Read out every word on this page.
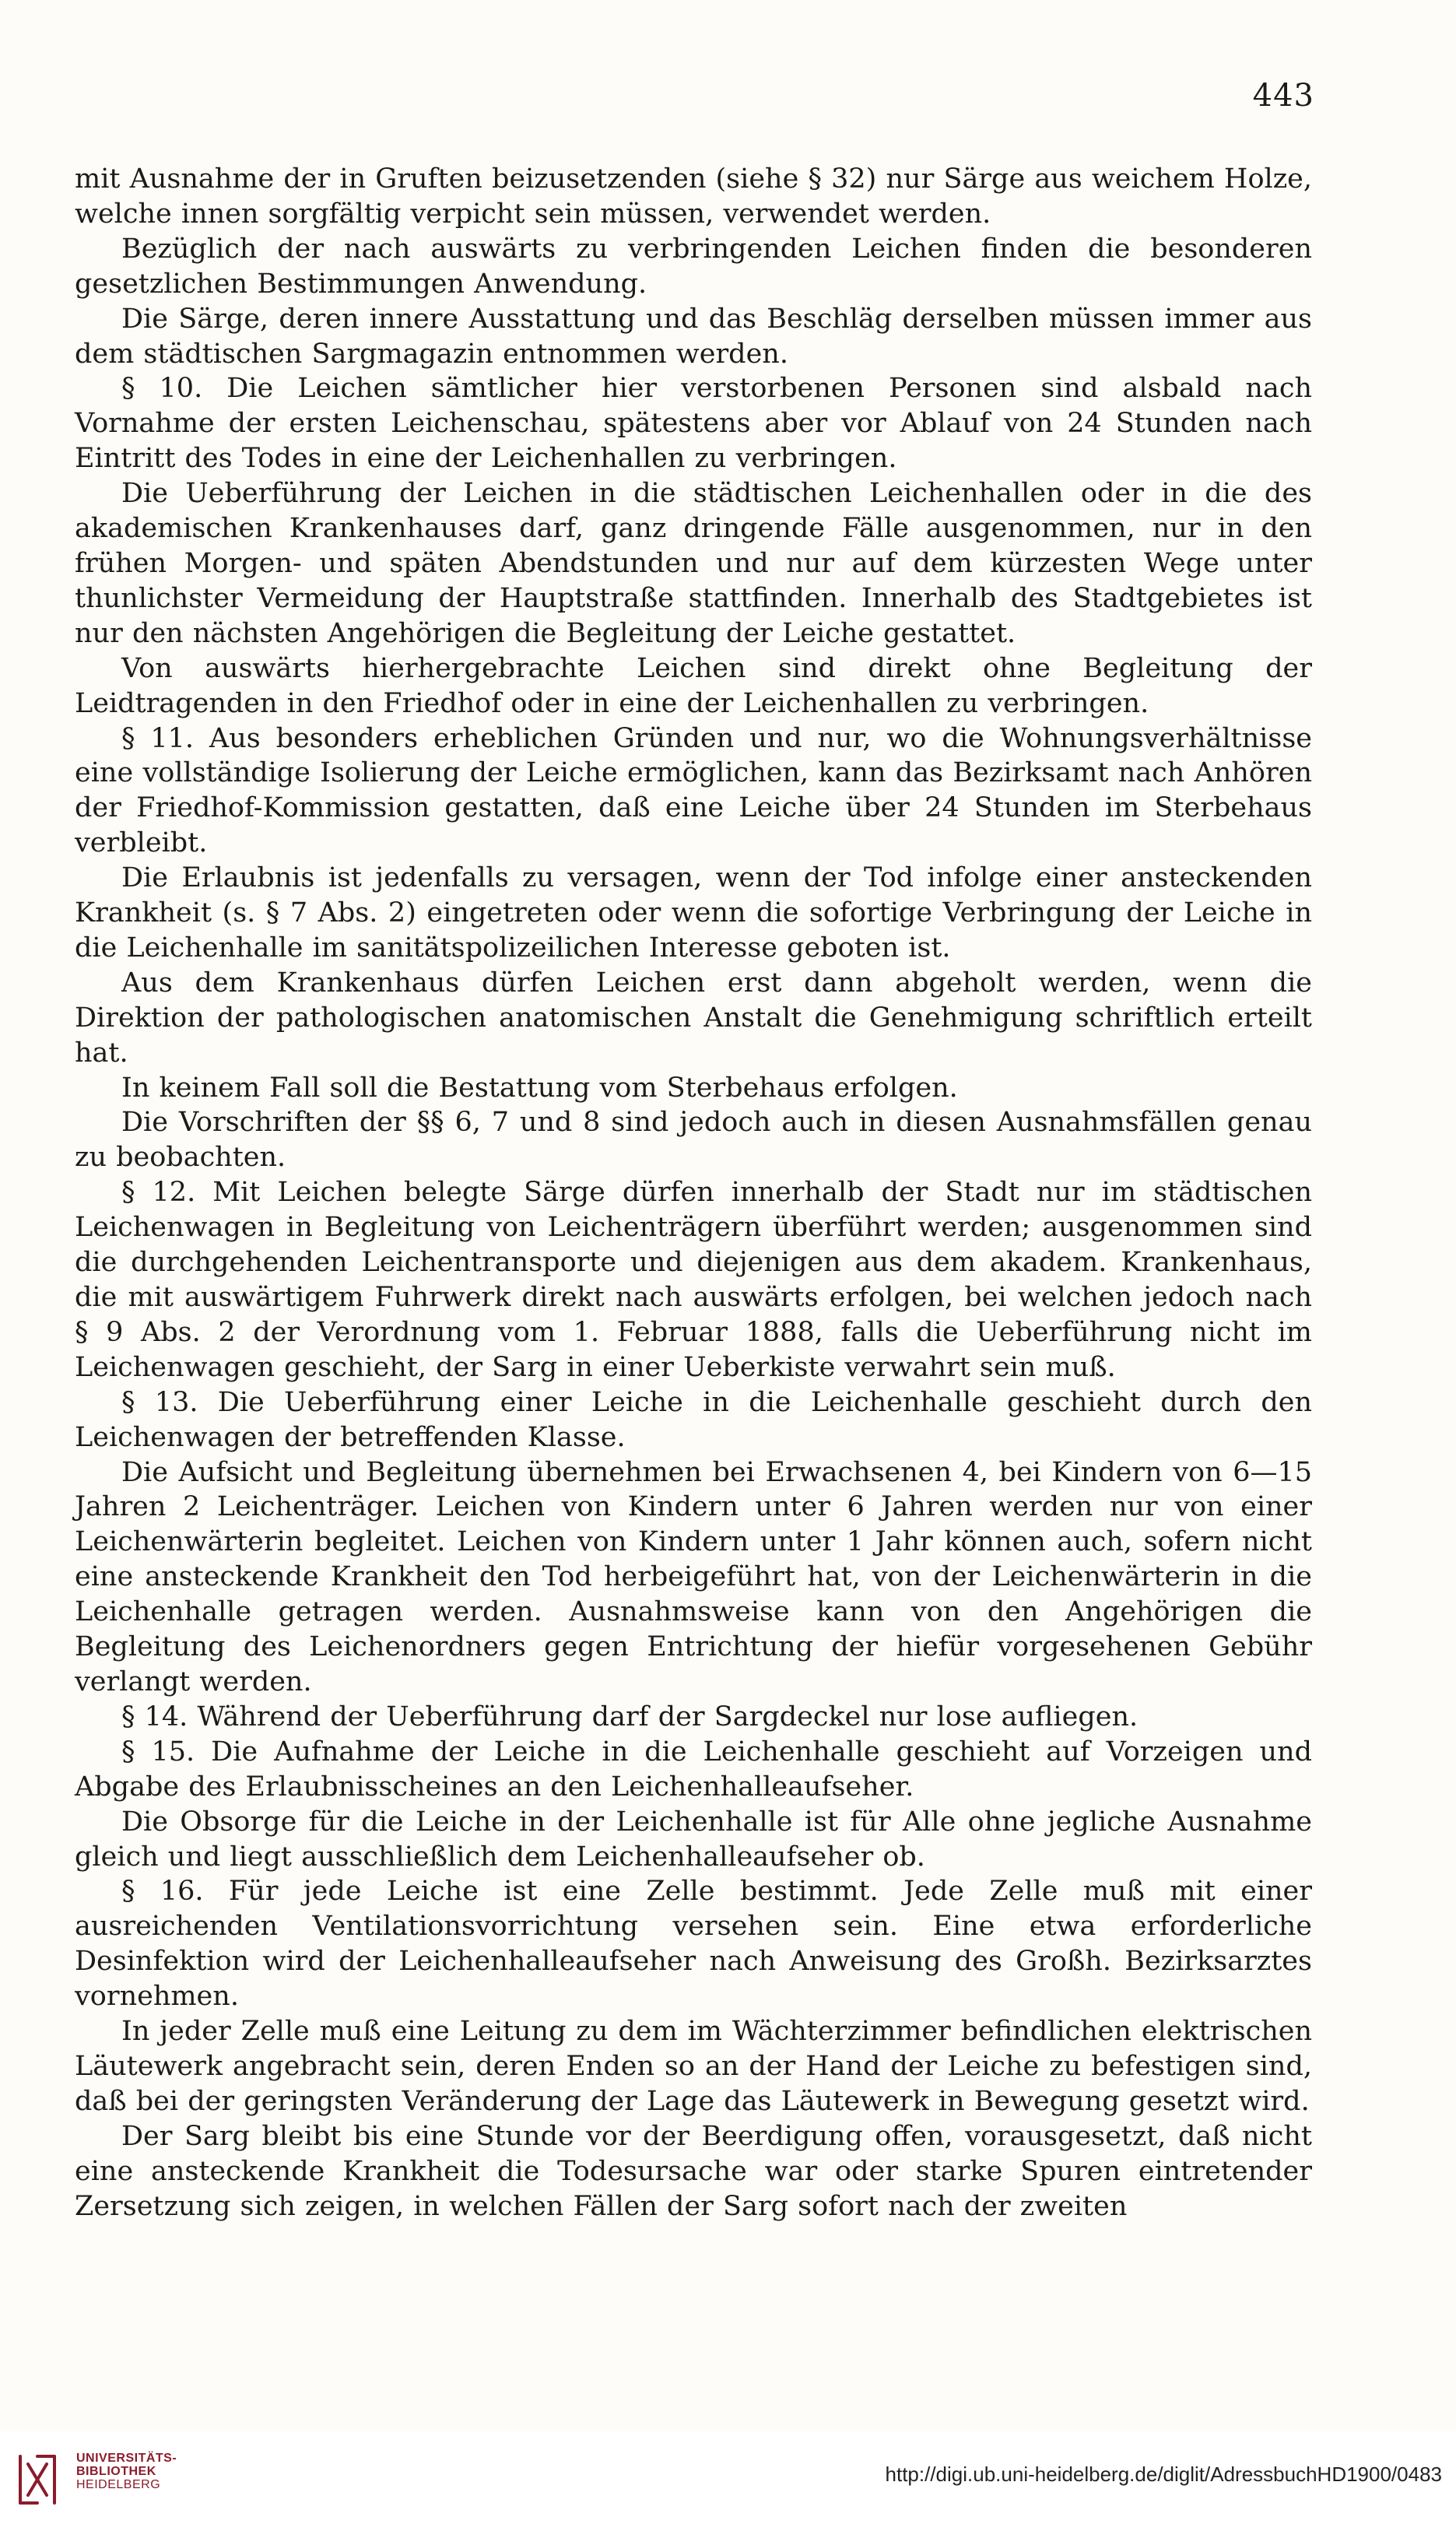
443

mit Ausnahme der in Gruften beizusetzenden (siehe § 32) nur Särge aus weichem Holze, welche innen sorgfältig verpicht sein müssen, verwendet werden.

Bezüglich der nach auswärts zu verbringenden Leichen finden die besonderen gesetzlichen Bestimmungen Anwendung.

Die Särge, deren innere Ausstattung und das Beschläg derselben müssen immer aus dem städtischen Sargmagazin entnommen werden.

§ 10. Die Leichen sämtlicher hier verstorbenen Personen sind alsbald nach Vornahme der ersten Leichenschau, spätestens aber vor Ablauf von 24 Stunden nach Eintritt des Todes in eine der Leichenhallen zu verbringen.

Die Ueberführung der Leichen in die städtischen Leichenhallen oder in die des akademischen Krankenhauses darf, ganz dringende Fälle ausgenommen, nur in den frühen Morgen- und späten Abendstunden und nur auf dem kürzesten Wege unter thunlichster Vermeidung der Hauptstraße stattfinden. Innerhalb des Stadtgebietes ist nur den nächsten Angehörigen die Begleitung der Leiche gestattet.

Von auswärts hierhergebrachte Leichen sind direkt ohne Begleitung der Leidtragenden in den Friedhof oder in eine der Leichenhallen zu verbringen.

§ 11. Aus besonders erheblichen Gründen und nur, wo die Wohnungsverhältnisse eine vollständige Isolierung der Leiche ermöglichen, kann das Bezirksamt nach Anhören der Friedhof-Kommission gestatten, daß eine Leiche über 24 Stunden im Sterbehaus verbleibt.

Die Erlaubnis ist jedenfalls zu versagen, wenn der Tod infolge einer ansteckenden Krankheit (s. § 7 Abs. 2) eingetreten oder wenn die sofortige Verbringung der Leiche in die Leichenhalle im sanitätspolizeilichen Interesse geboten ist.

Aus dem Krankenhaus dürfen Leichen erst dann abgeholt werden, wenn die Direktion der pathologischen anatomischen Anstalt die Genehmigung schriftlich erteilt hat.

In keinem Fall soll die Bestattung vom Sterbehaus erfolgen.

Die Vorschriften der §§ 6, 7 und 8 sind jedoch auch in diesen Ausnahmsfällen genau zu beobachten.

§ 12. Mit Leichen belegte Särge dürfen innerhalb der Stadt nur im städtischen Leichenwagen in Begleitung von Leichenträgern überführt werden; ausgenommen sind die durchgehenden Leichentransporte und diejenigen aus dem akadem. Krankenhaus, die mit auswärtigem Fuhrwerk direkt nach auswärts erfolgen, bei welchen jedoch nach § 9 Abs. 2 der Verordnung vom 1. Februar 1888, falls die Ueberführung nicht im Leichenwagen geschieht, der Sarg in einer Ueberkiste verwahrt sein muß.

§ 13. Die Ueberführung einer Leiche in die Leichenhalle geschieht durch den Leichenwagen der betreffenden Klasse.

Die Aufsicht und Begleitung übernehmen bei Erwachsenen 4, bei Kindern von 6—15 Jahren 2 Leichenträger. Leichen von Kindern unter 6 Jahren werden nur von einer Leichenwärterin begleitet. Leichen von Kindern unter 1 Jahr können auch, sofern nicht eine ansteckende Krankheit den Tod herbeigeführt hat, von der Leichenwärterin in die Leichenhalle getragen werden. Ausnahmsweise kann von den Angehörigen die Begleitung des Leichenordners gegen Entrichtung der hiefür vorgesehenen Gebühr verlangt werden.

§ 14. Während der Ueberführung darf der Sargdeckel nur lose aufliegen.

§ 15. Die Aufnahme der Leiche in die Leichenhalle geschieht auf Vorzeigen und Abgabe des Erlaubnisscheines an den Leichenhalleaufseher.

Die Obsorge für die Leiche in der Leichenhalle ist für Alle ohne jegliche Ausnahme gleich und liegt ausschließlich dem Leichenhalleaufseher ob.

§ 16. Für jede Leiche ist eine Zelle bestimmt. Jede Zelle muß mit einer ausreichenden Ventilationsvorrichtung versehen sein. Eine etwa erforderliche Desinfektion wird der Leichenhalleaufseher nach Anweisung des Großh. Bezirksarztes vornehmen.

In jeder Zelle muß eine Leitung zu dem im Wächterzimmer befindlichen elektrischen Läutewerk angebracht sein, deren Enden so an der Hand der Leiche zu befestigen sind, daß bei der geringsten Veränderung der Lage das Läutewerk in Bewegung gesetzt wird.

Der Sarg bleibt bis eine Stunde vor der Beerdigung offen, vorausgesetzt, daß nicht eine ansteckende Krankheit die Todesursache war oder starke Spuren eintretender Zersetzung sich zeigen, in welchen Fällen der Sarg sofort nach der zweiten

UNIVERSITÄTS-
BIBLIOTHEK
HEIDELBERG	http://digi.ub.uni-heidelberg.de/diglit/AdressbuchHD1900/0483
